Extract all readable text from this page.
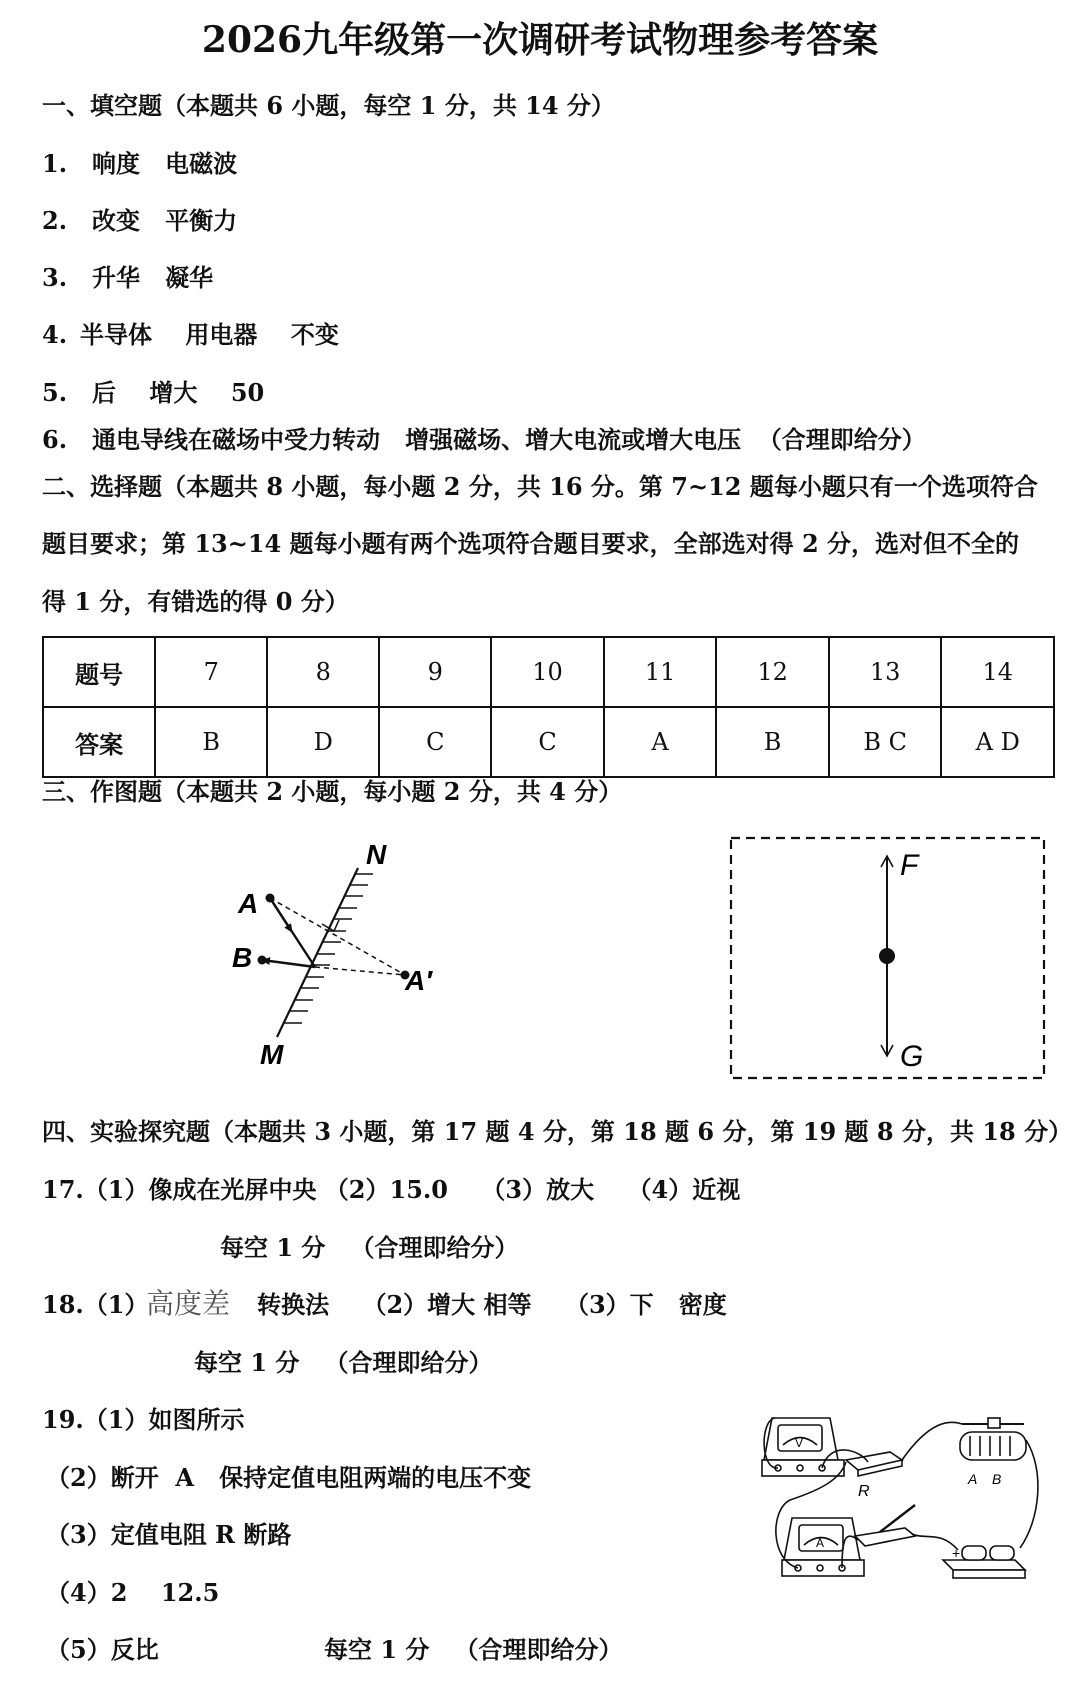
2026九年级第一次调研考试物理参考答案
一、填空题（本题共 6 小题，每空 1 分，共 14 分）
1. 响度   电磁波
2. 改变   平衡力
3. 升华   凝华
4. 半导体    用电器    不变
5. 后    增大    50
6. 通电导线在磁场中受力转动   增强磁场、增大电流或增大电压  （合理即给分）
二、选择题（本题共 8 小题，每小题 2 分，共 16 分。第 7~12 题每小题只有一个选项符合
题目要求；第 13~14 题每小题有两个选项符合题目要求，全部选对得 2 分，选对但不全的
得 1 分，有错选的得 0 分）
题号	7	8	9	10	11	12	13	14
答案	B	D	C	C	A	B	B C	A D
三、作图题（本题共 2 小题，每小题 2 分，共 4 分）
N
M
A
B
A′
F
G
V
A
R
A B
+
四、实验探究题（本题共 3 小题，第 17 题 4 分，第 18 题 6 分，第 19 题 8 分，共 18 分）
17.（1）像成在光屏中央 （2）15.0    （3）放大    （4）近视
每空 1 分   （合理即给分）
18.（1）
高度差 转换法    （2）增大 相等    （3）下   密度
每空 1 分   （合理即给分）
19.（1）如图所示
（2）断开  A   保持定值电阻两端的电压不变
（3）定值电阻 R 断路
（4）2    12.5
（5）反比	每空 1 分   （合理即给分）
